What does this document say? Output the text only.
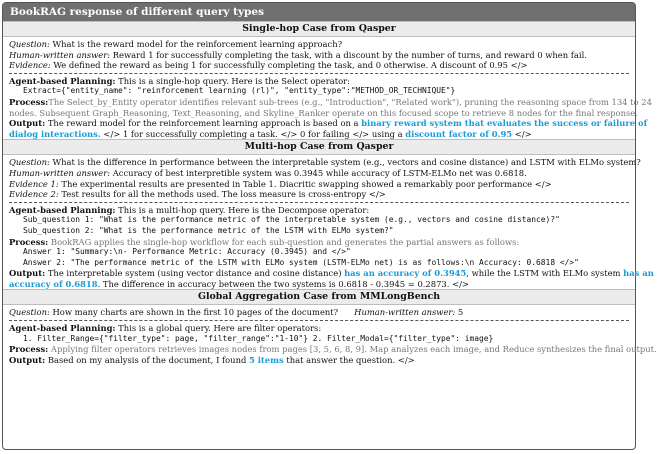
BookRAG response of different query types
Single-hop Case from Qasper
Question: What is the reward model for the reinforcement learning approach?
Human-written answer: Reward 1 for successfully completing the task, with a discount by the number of turns, and reward 0 when fail.
Evidence: We defined the reward as being 1 for successfully completing the task, and 0 otherwise. A discount of 0.95 </>
Agent-based Planning: This is a single-hop query. Here is the Select operator:
Extract={"entity_name": "reinforcement learning (rl)", "entity_type":"METHOD_OR_TECHNIQUE"}
Process:The Select_by_Entity operator identifies relevant sub-trees (e.g., "Introduction", "Related work"), pruning the reasoning space from 134 to 24
nodes. Subsequent Graph_Reasoning, Text_Reasoning, and Skyline_Ranker operate on this focused scope to retrieve 8 nodes for the final response.
Output: The reward model for the reinforcement learning approach is based on a binary reward system that evaluates the success or failure of
dialog interactions. </> 1 for successfully completing a task. </> 0 for failing </> using a discount factor of 0.95 </>
Multi-hop Case from Qasper
Question: What is the difference in performance between the interpretable system (e.g., vectors and cosine distance) and LSTM with ELMo system?
Human-written answer: Accuracy of best interpretible system was 0.3945 while accuracy of LSTM-ELMo net was 0.6818.
Evidence 1: The experimental results are presented in Table 1. Diacritic swapping showed a remarkably poor performance </>
Evidence 2: Test results for all the methods used. The loss measure is cross-entropy </>
Agent-based Planning: This is a multi-hop query. Here is the Decompose operator:
Sub_question 1: "What is the performance metric of the interpretable system (e.g., vectors and cosine distance)?"
Sub_question 2: "What is the performance metric of the LSTM with ELMo system?"
Process: BookRAG applies the single-hop workflow for each sub-question and generates the partial answers as follows:
Answer 1: "Summary:\n- Performance Metric: Accuracy (0.3945) and </>"
Answer 2: "The performance metric of the LSTM with ELMo system (LSTM-ELMo net) is as follows:\n Accuracy: 0.6818 </>"
Output: The interpretable system (using vector distance and cosine distance) has an accuracy of 0.3945, while the LSTM with ELMo system has an
accuracy of 0.6818. The difference in accuracy between the two systems is 0.6818 - 0.3945 = 0.2873. </>
Global Aggregation Case from MMLongBench
Question: How many charts are shown in the first 10 pages of the document? Human-written answer: 5
Agent-based Planning: This is a global query. Here are filter operators:
1. Filter_Range={"filter_type": page, "filter_range":"1-10"} 2. Filter_Modal={"filter_type": image}
Process: Applying filter operators retrieves images nodes from pages [3, 5, 6, 8, 9]. Map analyzes each image, and Reduce synthesizes the final output.
Output: Based on my analysis of the document, I found 5 items that answer the question. </>
